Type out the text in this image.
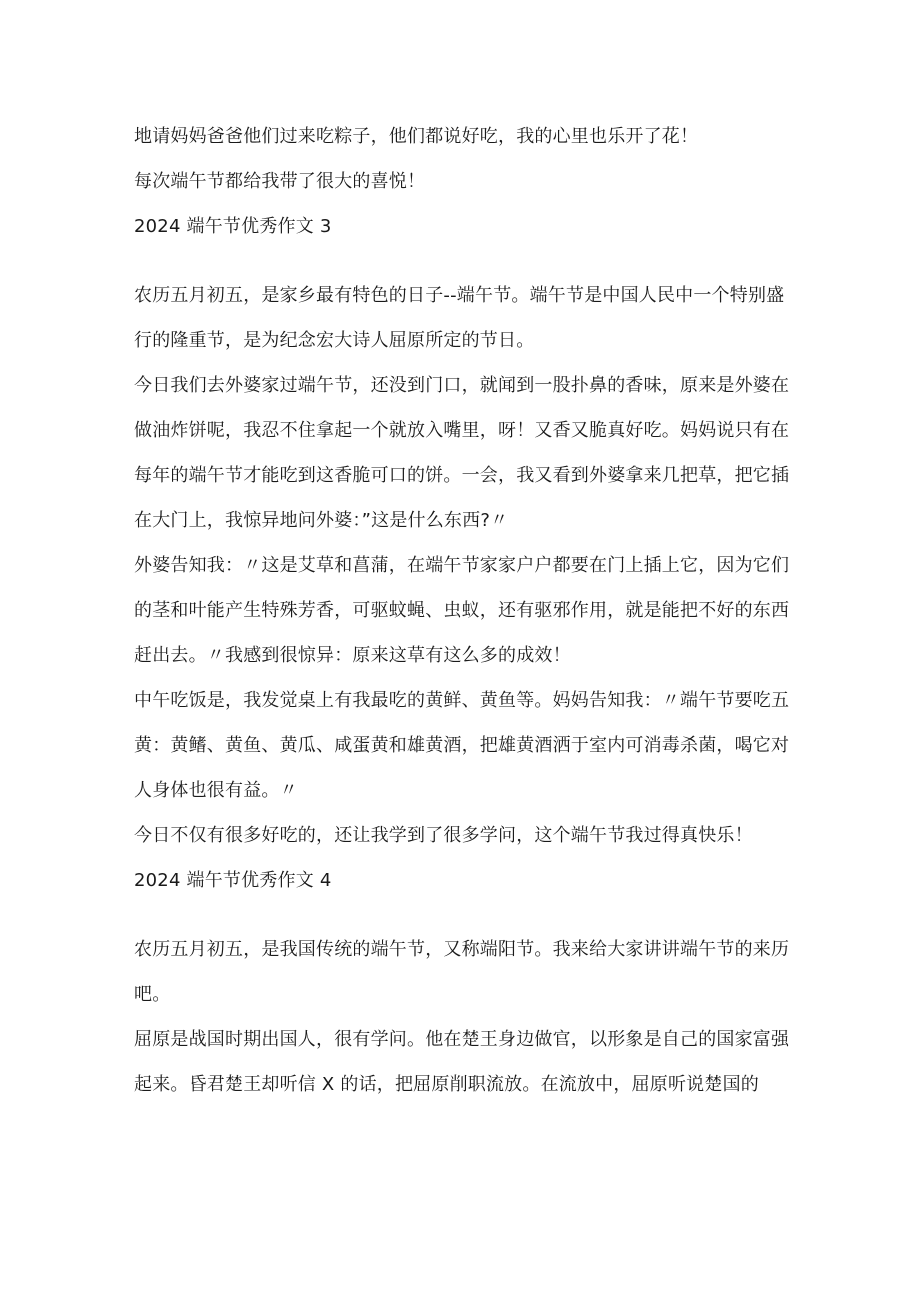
地请妈妈爸爸他们过来吃粽子，他们都说好吃，我的心里也乐开了花！

每次端午节都给我带了很大的喜悦！

2024 端午节优秀作文 3

农历五月初五，是家乡最有特色的日子--端午节。端午节是中国人民中一个特别盛行的隆重节，是为纪念宏大诗人屈原所定的节日。

今日我们去外婆家过端午节，还没到门口，就闻到一股扑鼻的香味，原来是外婆在做油炸饼呢，我忍不住拿起一个就放入嘴里，呀！又香又脆真好吃。妈妈说只有在每年的端午节才能吃到这香脆可口的饼。一会，我又看到外婆拿来几把草，把它插在大门上，我惊异地问外婆：”这是什么东西?〃

外婆告知我：〃这是艾草和菖蒲，在端午节家家户户都要在门上插上它，因为它们的茎和叶能产生特殊芳香，可驱蚊蝇、虫蚁，还有驱邪作用，就是能把不好的东西赶出去。〃我感到很惊异：原来这草有这么多的成效！

中午吃饭是，我发觉桌上有我最吃的黄鲜、黄鱼等。妈妈告知我：〃端午节要吃五黄：黄鳍、黄鱼、黄瓜、咸蛋黄和雄黄酒，把雄黄酒洒于室内可消毒杀菌，喝它对人身体也很有益。〃

今日不仅有很多好吃的，还让我学到了很多学问，这个端午节我过得真快乐！

2024 端午节优秀作文 4

农历五月初五，是我国传统的端午节，又称端阳节。我来给大家讲讲端午节的来历吧。

屈原是战国时期出国人，很有学问。他在楚王身边做官，以形象是自己的国家富强起来。昏君楚王却听信 X 的话，把屈原削职流放。在流放中，屈原听说楚国的
